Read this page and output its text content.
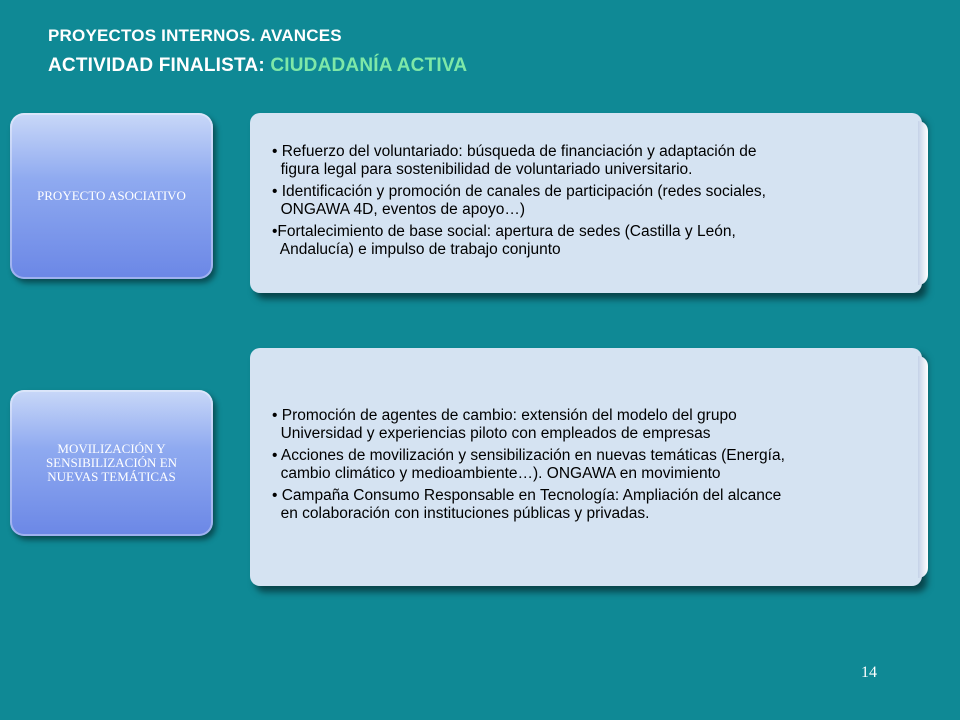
PROYECTOS INTERNOS. AVANCES
ACTIVIDAD FINALISTA: CIUDADANÍA ACTIVA
• Refuerzo del voluntariado: búsqueda de financiación y adaptación de
figura legal para sostenibilidad de voluntariado universitario.
• Identificación y promoción de canales de participación (redes sociales,
ONGAWA 4D, eventos de apoyo…)
•Fortalecimiento de base social: apertura de sedes (Castilla y León,
Andalucía) e impulso de trabajo conjunto
PROYECTO ASOCIATIVO
• Promoción de agentes de cambio: extensión del modelo del grupo
Universidad y experiencias piloto con empleados de empresas
• Acciones de movilización y sensibilización en nuevas temáticas (Energía,
cambio climático y medioambiente…). ONGAWA en movimiento
• Campaña Consumo Responsable en Tecnología: Ampliación del alcance
en colaboración con instituciones públicas y privadas.
MOVILIZACIÓN Y
SENSIBILIZACIÓN EN
NUEVAS TEMÁTICAS
14
